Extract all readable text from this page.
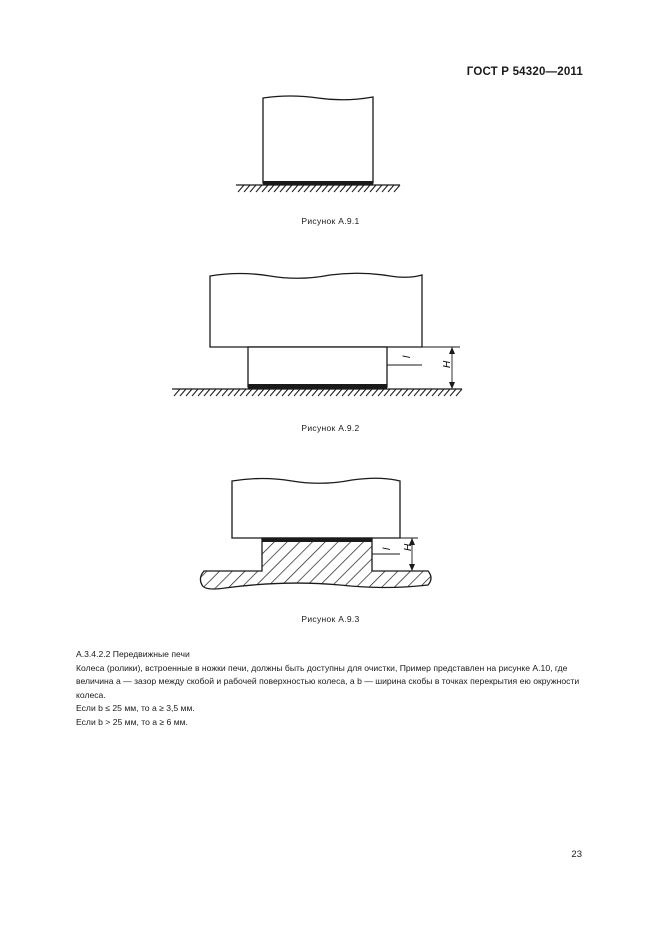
ГОСТ Р 54320—2011
Рисунок А.9.1
l
H
Рисунок А.9.2
l H
Рисунок А.9.3

А.3.4.2.2 Передвижные печи

Колеса (ролики), встроенные в ножки печи, должны быть доступны для очистки, Пример представлен на рисунке А.10, где величина a — зазор между скобой и рабочей поверхностью колеса, а b — ширина скобы в точках перекрытия ею окружности колеса.

Если b ≤ 25 мм, то a ≥ 3,5 мм.

Если b > 25 мм, то a ≥ 6 мм.

23
